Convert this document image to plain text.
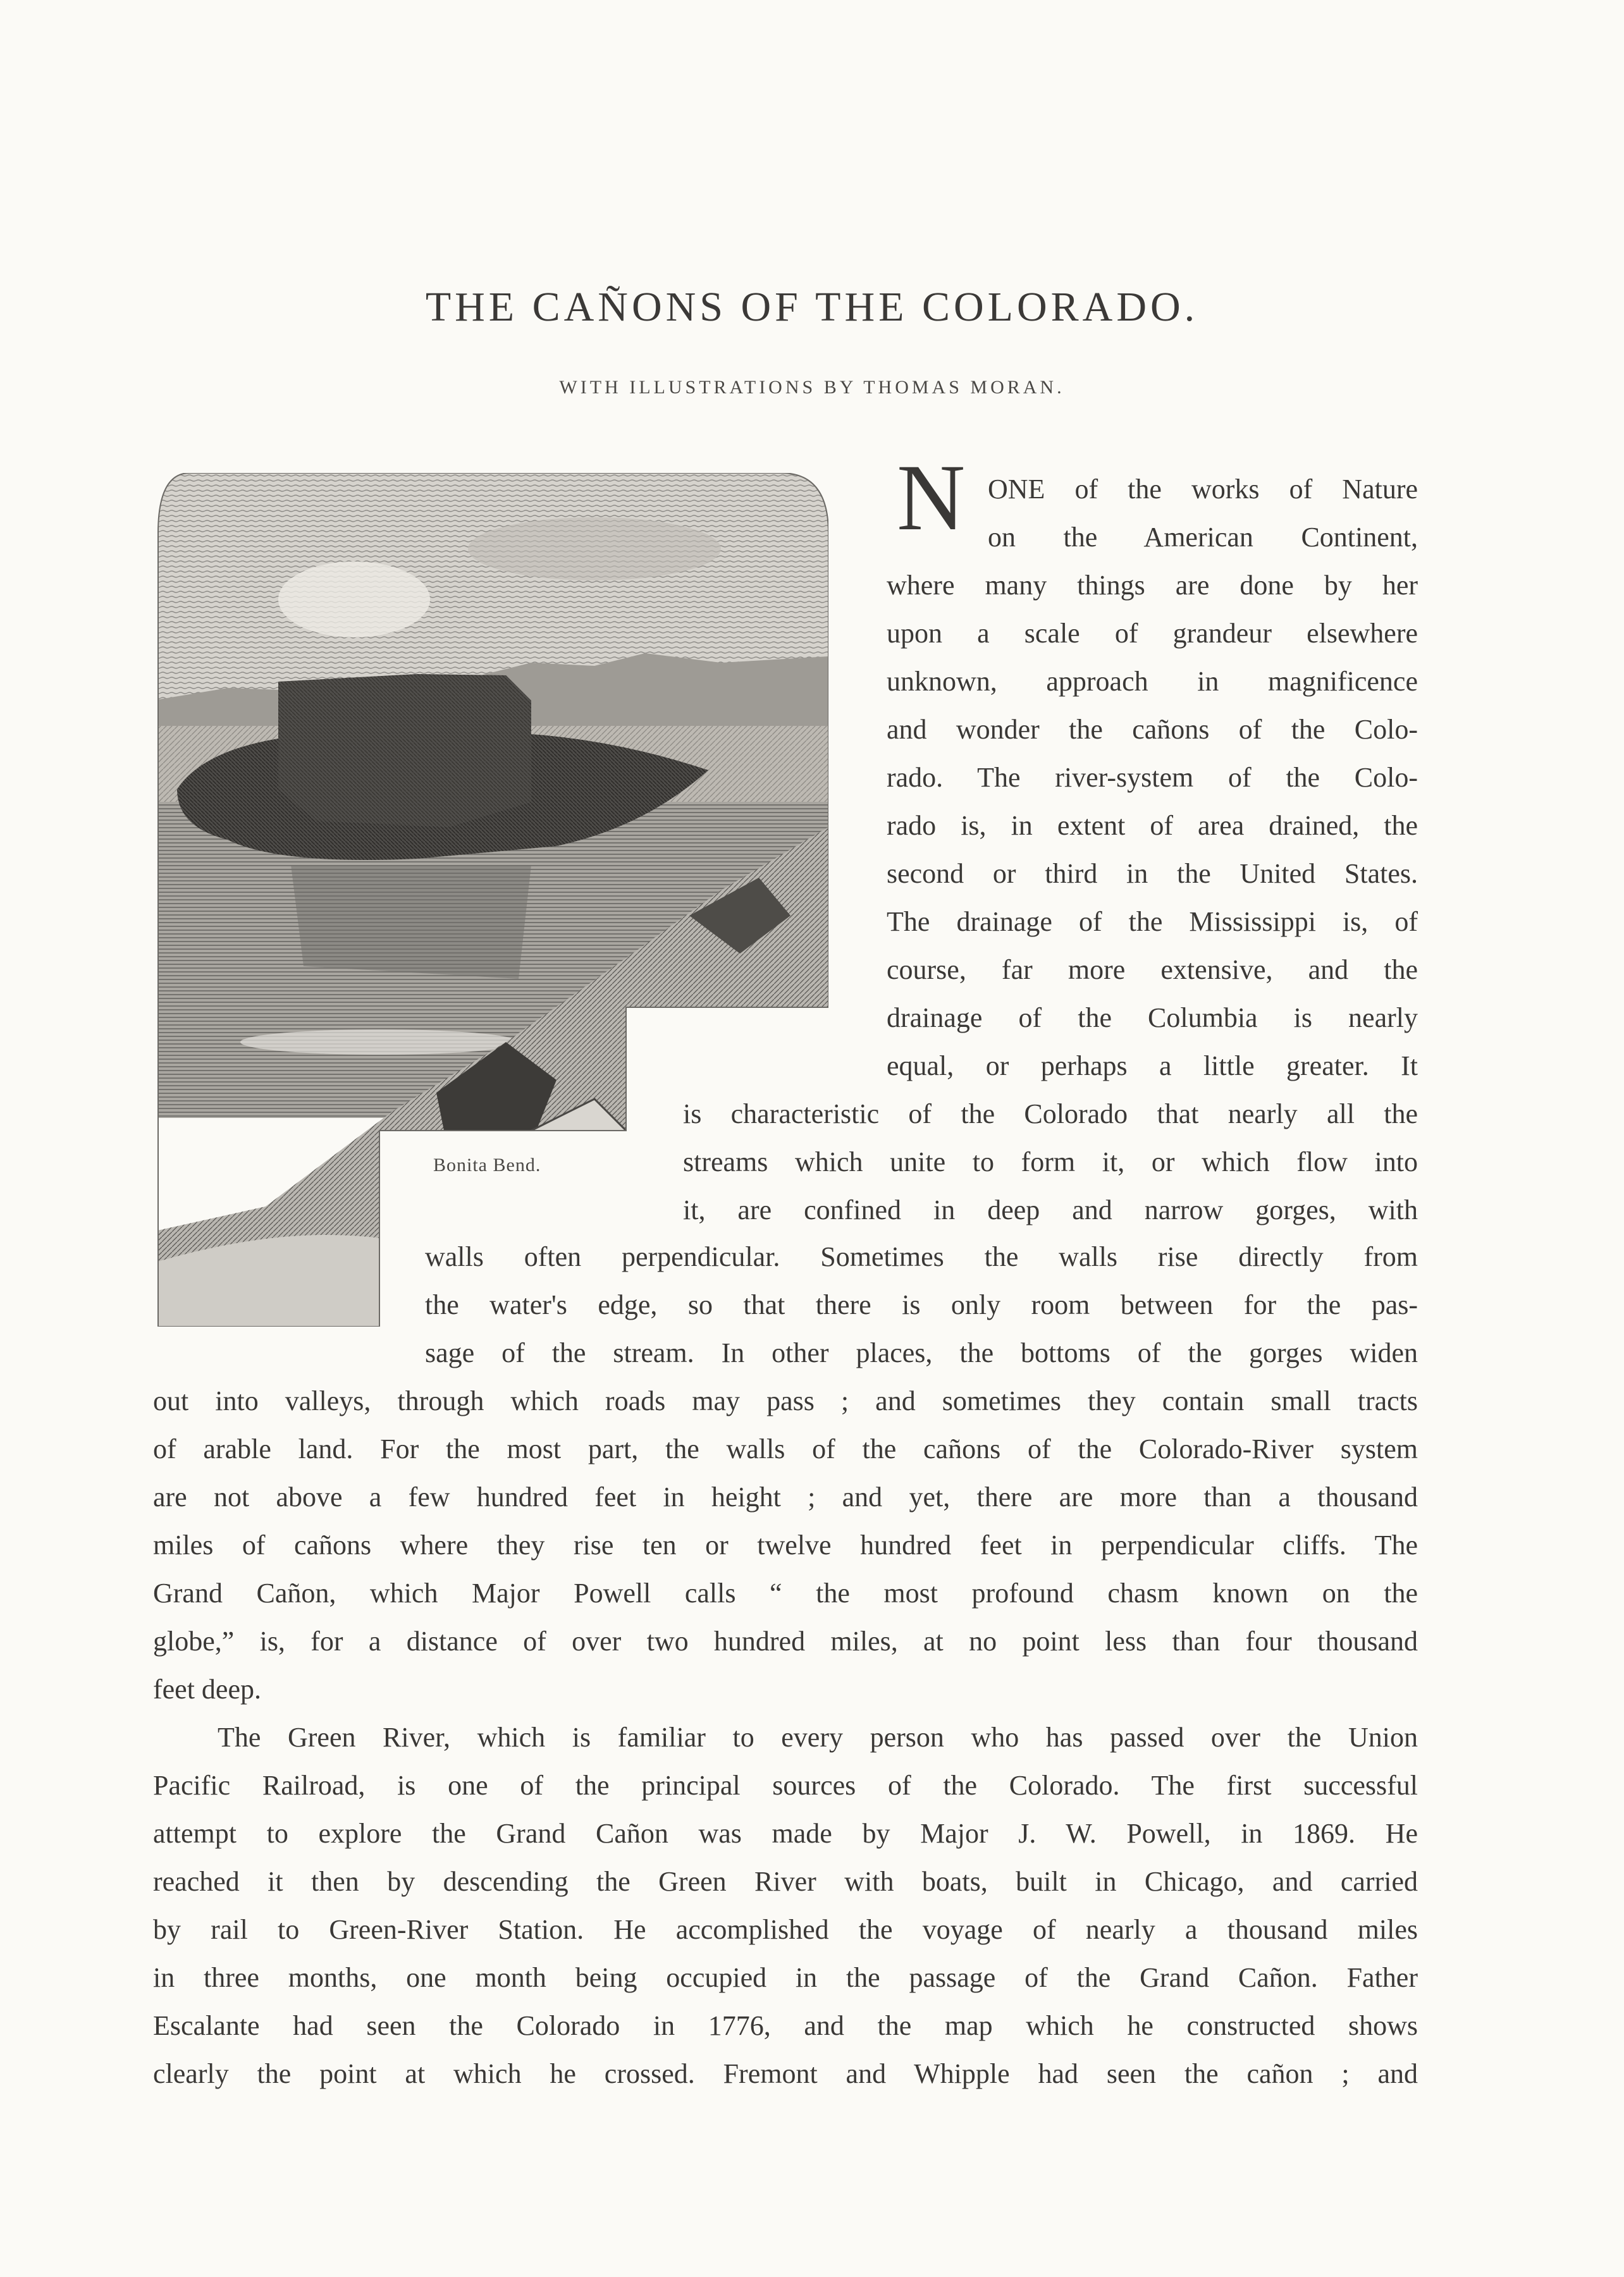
THE CAÑONS OF THE COLORADO.
WITH ILLUSTRATIONS BY THOMAS MORAN.
Bonita Bend.
N ONE of the works of Nature
on the American Continent,
where many things are done by her
upon a scale of grandeur elsewhere
unknown, approach in magnificence
and wonder the cañons of the Colo-
rado. The river-system of the Colo-
rado is, in extent of area drained, the
second or third in the United States.
The drainage of the Mississippi is, of
course, far more extensive, and the
drainage of the Columbia is nearly
equal, or perhaps a little greater. It
is characteristic of the Colorado that nearly all the
streams which unite to form it, or which flow into
it, are confined in deep and narrow gorges, with
walls often perpendicular. Sometimes the walls rise directly from
the water's edge, so that there is only room between for the pas-
sage of the stream. In other places, the bottoms of the gorges widen
out into valleys, through which roads may pass ; and sometimes they contain small tracts
of arable land. For the most part, the walls of the cañons of the Colorado-River system
are not above a few hundred feet in height ; and yet, there are more than a thousand
miles of cañons where they rise ten or twelve hundred feet in perpendicular cliffs. The
Grand Cañon, which Major Powell calls “ the most profound chasm known on the
globe,” is, for a distance of over two hundred miles, at no point less than four thousand
feet deep.
The Green River, which is familiar to every person who has passed over the Union
Pacific Railroad, is one of the principal sources of the Colorado. The first successful
attempt to explore the Grand Cañon was made by Major J. W. Powell, in 1869. He
reached it then by descending the Green River with boats, built in Chicago, and carried
by rail to Green-River Station. He accomplished the voyage of nearly a thousand miles
in three months, one month being occupied in the passage of the Grand Cañon. Father
Escalante had seen the Colorado in 1776, and the map which he constructed shows
clearly the point at which he crossed. Fremont and Whipple had seen the cañon ; and
